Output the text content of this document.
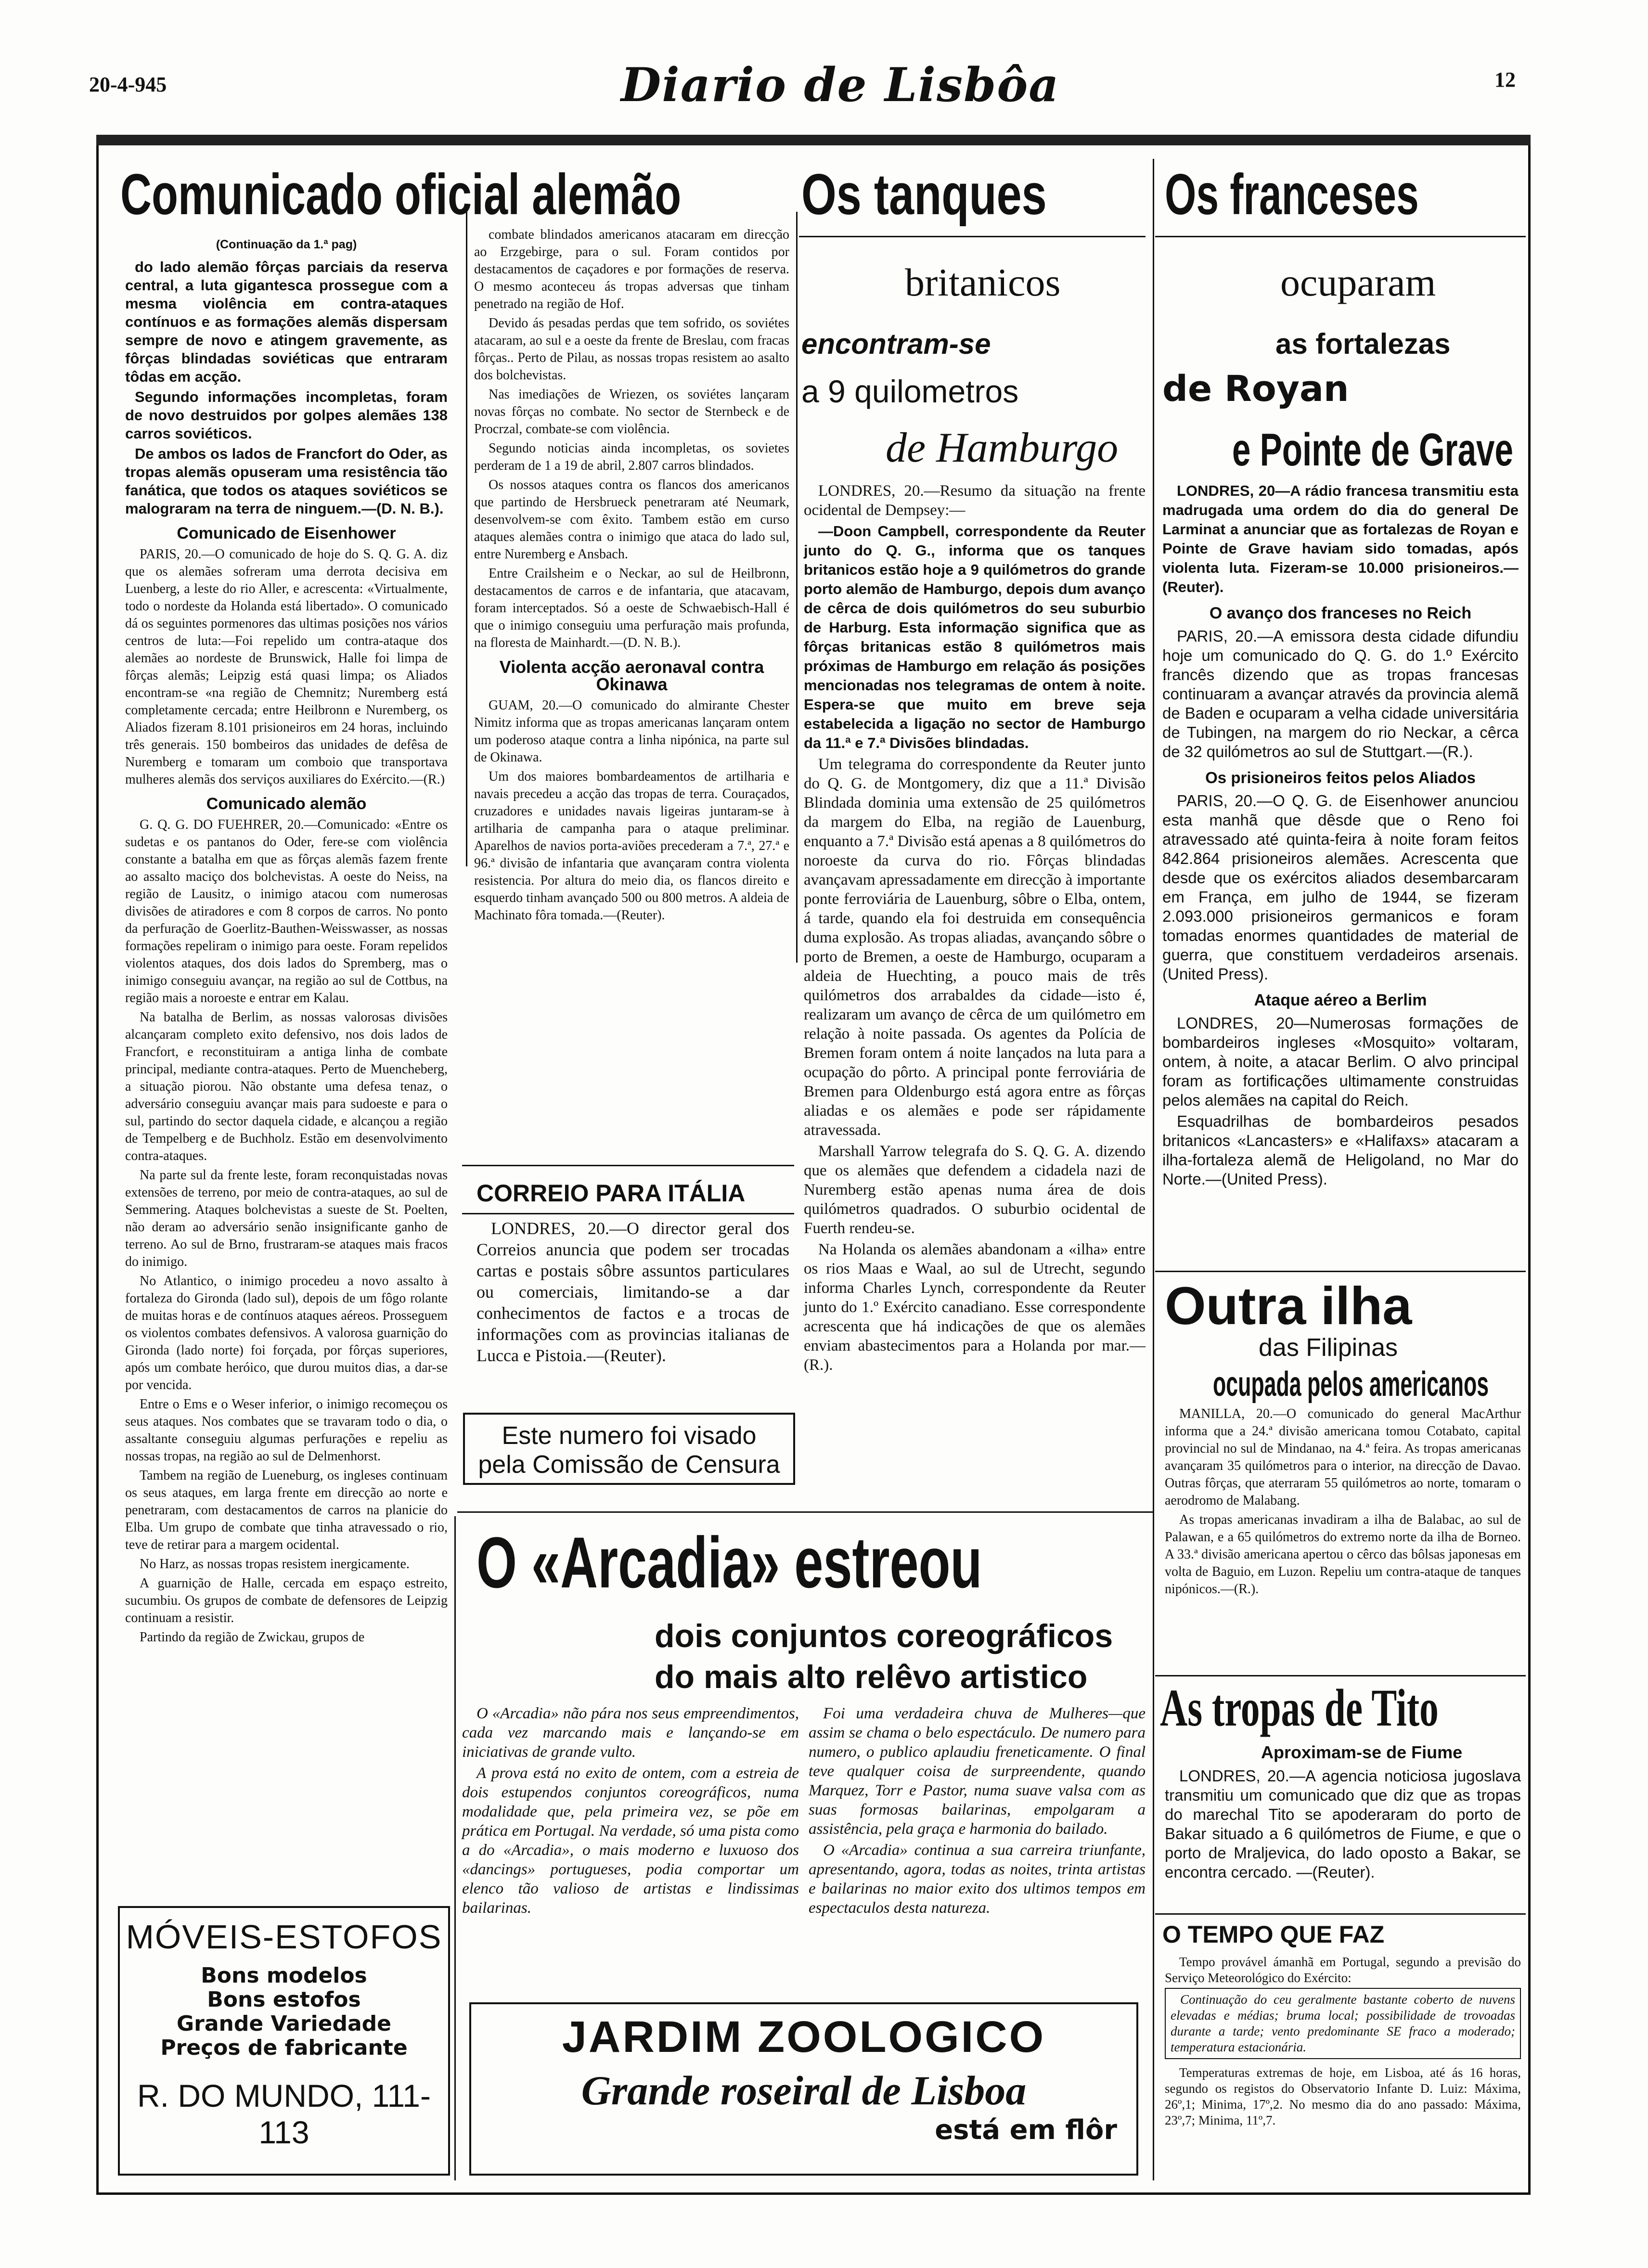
20-4-945	Diario de Lisbôa	12
Comunicado oficial alemão
(Continuação da 1.ª pag)

do lado alemão fôrças parciais da reserva central, a luta gigantesca prossegue com a mesma violência em contra-ataques contínuos e as formações alemãs dispersam sempre de novo e atingem gravemente, as fôrças blindadas soviéticas que entraram tôdas em acção.

Segundo informações incompletas, foram de novo destruidos por golpes alemães 138 carros soviéticos.

De ambos os lados de Francfort do Oder, as tropas alemãs opuseram uma resistência tão fanática, que todos os ataques soviéticos se malograram na terra de ninguem.—(D. N. B.).

Comunicado de Eisenhower

PARIS, 20.—O comunicado de hoje do S. Q. G. A. diz que os alemães sofreram uma derrota decisiva em Luenberg, a leste do rio Aller, e acrescenta: «Virtualmente, todo o nordeste da Holanda está libertado». O comunicado dá os seguintes pormenores das ultimas posições nos vários centros de luta:—Foi repelido um contra-ataque dos alemães ao nordeste de Brunswick, Halle foi limpa de fôrças alemãs; Leipzig está quasi limpa; os Aliados encontram-se «na região de Chemnitz; Nuremberg está completamente cercada; entre Heilbronn e Nuremberg, os Aliados fizeram 8.101 prisioneiros em 24 horas, incluindo três generais. 150 bombeiros das unidades de defêsa de Nuremberg e tomaram um comboio que transportava mulheres alemãs dos serviços auxiliares do Exército.—(R.)

Comunicado alemão

G. Q. G. DO FUEHRER, 20.—Comunicado: «Entre os sudetas e os pantanos do Oder, fere-se com violência constante a batalha em que as fôrças alemãs fazem frente ao assalto maciço dos bolchevistas. A oeste do Neiss, na região de Lausitz, o inimigo atacou com numerosas divisões de atiradores e com 8 corpos de carros. No ponto da perfuração de Goerlitz-Bauthen-Weisswasser, as nossas formações repeliram o inimigo para oeste. Foram repelidos violentos ataques, dos dois lados do Spremberg, mas o inimigo conseguiu avançar, na região ao sul de Cottbus, na região mais a noroeste e entrar em Kalau.

Na batalha de Berlim, as nossas valorosas divisões alcançaram completo exito defensivo, nos dois lados de Francfort, e reconstituiram a antiga linha de combate principal, mediante contra-ataques. Perto de Muencheberg, a situação piorou. Não obstante uma defesa tenaz, o adversário conseguiu avançar mais para sudoeste e para o sul, partindo do sector daquela cidade, e alcançou a região de Tempelberg e de Buchholz. Estão em desenvolvimento contra-ataques.

Na parte sul da frente leste, foram reconquistadas novas extensões de terreno, por meio de contra-ataques, ao sul de Semmering. Ataques bolchevistas a sueste de St. Poelten, não deram ao adversário senão insignificante ganho de terreno. Ao sul de Brno, frustraram-se ataques mais fracos do inimigo.

No Atlantico, o inimigo procedeu a novo assalto à fortaleza do Gironda (lado sul), depois de um fôgo rolante de muitas horas e de contínuos ataques aéreos. Prosseguem os violentos combates defensivos. A valorosa guarnição do Gironda (lado norte) foi forçada, por fôrças superiores, após um combate heróico, que durou muitos dias, a dar-se por vencida.

Entre o Ems e o Weser inferior, o inimigo recomeçou os seus ataques. Nos combates que se travaram todo o dia, o assaltante conseguiu algumas perfurações e repeliu as nossas tropas, na região ao sul de Delmenhorst.

Tambem na região de Lueneburg, os ingleses continuam os seus ataques, em larga frente em direcção ao norte e penetraram, com destacamentos de carros na planicie do Elba. Um grupo de combate que tinha atravessado o rio, teve de retirar para a margem ocidental.

No Harz, as nossas tropas resistem inergicamente.

A guarnição de Halle, cercada em espaço estreito, sucumbiu. Os grupos de combate de defensores de Leipzig continuam a resistir.

Partindo da região de Zwickau, grupos de

combate blindados americanos atacaram em direcção ao Erzgebirge, para o sul. Foram contidos por destacamentos de caçadores e por formações de reserva. O mesmo aconteceu ás tropas adversas que tinham penetrado na região de Hof.

Devido ás pesadas perdas que tem sofrido, os soviétes atacaram, ao sul e a oeste da frente de Breslau, com fracas fôrças.. Perto de Pilau, as nossas tropas resistem ao asalto dos bolchevistas.

Nas imediações de Wriezen, os soviétes lançaram novas fôrças no combate. No sector de Sternbeck e de Procrzal, combate-se com violência.

Segundo noticias ainda incompletas, os sovietes perderam de 1 a 19 de abril, 2.807 carros blindados.

Os nossos ataques contra os flancos dos americanos que partindo de Hersbrueck penetraram até Neumark, desenvolvem-se com êxito. Tambem estão em curso ataques alemães contra o inimigo que ataca do lado sul, entre Nuremberg e Ansbach.

Entre Crailsheim e o Neckar, ao sul de Heilbronn, destacamentos de carros e de infantaria, que atacavam, foram interceptados. Só a oeste de Schwaebisch-Hall é que o inimigo conseguiu uma perfuração mais profunda, na floresta de Mainhardt.—(D. N. B.).

Violenta acção aeronaval contra Okinawa

GUAM, 20.—O comunicado do almirante Chester Nimitz informa que as tropas americanas lançaram ontem um poderoso ataque contra a linha nipónica, na parte sul de Okinawa.

Um dos maiores bombardeamentos de artilharia e navais precedeu a acção das tropas de terra. Couraçados, cruzadores e unidades navais ligeiras juntaram-se à artilharia de campanha para o ataque preliminar. Aparelhos de navios porta-aviões precederam a 7.ª, 27.ª e 96.ª divisão de infantaria que avançaram contra violenta resistencia. Por altura do meio dia, os flancos direito e esquerdo tinham avançado 500 ou 800 metros. A aldeia de Machinato fôra tomada.—(Reuter).

CORREIO PARA ITÁLIA

LONDRES, 20.—O director geral dos Correios anuncia que podem ser trocadas cartas e postais sôbre assuntos particulares ou comerciais, limitando-se a dar conhecimentos de factos e a trocas de informações com as provincias italianas de Lucca e Pistoia.—(Reuter).

Este numero foi visado
pela Comissão de Censura
Os tanques
britanicos
encontram-se
a 9 quilometros
de Hamburgo

LONDRES, 20.—Resumo da situação na frente ocidental de Dempsey:—

—Doon Campbell, correspondente da Reuter junto do Q. G., informa que os tanques britanicos estão hoje a 9 quilómetros do grande porto alemão de Hamburgo, depois dum avanço de cêrca de dois quilómetros do seu suburbio de Harburg. Esta informação significa que as fôrças britanicas estão 8 quilómetros mais próximas de Hamburgo em relação ás posições mencionadas nos telegramas de ontem à noite. Espera-se que muito em breve seja estabelecida a ligação no sector de Hamburgo da 11.ª e 7.ª Divisões blindadas.

Um telegrama do correspondente da Reuter junto do Q. G. de Montgomery, diz que a 11.ª Divisão Blindada dominia uma extensão de 25 quilómetros da margem do Elba, na região de Lauenburg, enquanto a 7.ª Divisão está apenas a 8 quilómetros do noroeste da curva do rio. Fôrças blindadas avançavam apressadamente em direcção à importante ponte ferroviária de Lauenburg, sôbre o Elba, ontem, á tarde, quando ela foi destruida em consequência duma explosão. As tropas aliadas, avançando sôbre o porto de Bremen, a oeste de Hamburgo, ocuparam a aldeia de Huechting, a pouco mais de três quilómetros dos arrabaldes da cidade—isto é, realizaram um avanço de cêrca de um quilómetro em relação à noite passada. Os agentes da Polícia de Bremen foram ontem á noite lançados na luta para a ocupação do pôrto. A principal ponte ferroviária de Bremen para Oldenburgo está agora entre as fôrças aliadas e os alemães e pode ser rápidamente atravessada.

Marshall Yarrow telegrafa do S. Q. G. A. dizendo que os alemães que defendem a cidadela nazi de Nuremberg estão apenas numa área de dois quilómetros quadrados. O suburbio ocidental de Fuerth rendeu-se.

Na Holanda os alemães abandonam a «ilha» entre os rios Maas e Waal, ao sul de Utrecht, segundo informa Charles Lynch, correspondente da Reuter junto do 1.º Exército canadiano. Esse correspondente acrescenta que há indicações de que os alemães enviam abastecimentos para a Holanda por mar.—(R.).

Os franceses
ocuparam
as fortalezas
de Royan
e Pointe de Grave

LONDRES, 20—A rádio francesa transmitiu esta madrugada uma ordem do dia do general De Larminat a anunciar que as fortalezas de Royan e Pointe de Grave haviam sido tomadas, após violenta luta. Fizeram-se 10.000 prisioneiros.—(Reuter).

O avanço dos franceses no Reich

PARIS, 20.—A emissora desta cidade difundiu hoje um comunicado do Q. G. do 1.º Exército francês dizendo que as tropas francesas continuaram a avançar através da provincia alemã de Baden e ocuparam a velha cidade universitária de Tubingen, na margem do rio Neckar, a cêrca de 32 quilómetros ao sul de Stuttgart.—(R.).

Os prisioneiros feitos pelos Aliados

PARIS, 20.—O Q. G. de Eisenhower anunciou esta manhã que dêsde que o Reno foi atravessado até quinta-feira à noite foram feitos 842.864 prisioneiros alemães. Acrescenta que desde que os exércitos aliados desembarcaram em França, em julho de 1944, se fizeram 2.093.000 prisioneiros germanicos e foram tomadas enormes quantidades de material de guerra, que constituem verdadeiros arsenais. (United Press).

Ataque aéreo a Berlim

LONDRES, 20—Numerosas formações de bombardeiros ingleses «Mosquito» voltaram, ontem, à noite, a atacar Berlim. O alvo principal foram as fortificações ultimamente construidas pelos alemães na capital do Reich.

Esquadrilhas de bombardeiros pesados britanicos «Lancasters» e «Halifaxs» atacaram a ilha-fortaleza alemã de Heligoland, no Mar do Norte.—(United Press).

Outra ilha
das Filipinas
ocupada pelos americanos

MANILLA, 20.—O comunicado do general MacArthur informa que a 24.ª divisão americana tomou Cotabato, capital provincial no sul de Mindanao, na 4.ª feira. As tropas americanas avançaram 35 quilómetros para o interior, na direcção de Davao. Outras fôrças, que aterraram 55 quilómetros ao norte, tomaram o aerodromo de Malabang.

As tropas americanas invadiram a ilha de Balabac, ao sul de Palawan, e a 65 quilómetros do extremo norte da ilha de Borneo. A 33.ª divisão americana apertou o cêrco das bôlsas japonesas em volta de Baguio, em Luzon. Repeliu um contra-ataque de tanques nipónicos.—(R.).

As tropas de Tito
Aproximam-se de Fiume

LONDRES, 20.—A agencia noticiosa jugoslava transmitiu um comunicado que diz que as tropas do marechal Tito se apoderaram do porto de Bakar situado a 6 quilómetros de Fiume, e que o porto de Mraljevica, do lado oposto a Bakar, se encontra cercado. —(Reuter).

O TEMPO QUE FAZ

Tempo provável ámanhã em Portugal, segundo a previsão do Serviço Meteorológico do Exército:

Continuação do ceu geralmente bastante coberto de nuvens elevadas e médias; bruma local; possibilidade de trovoadas durante a tarde; vento predominante SE fraco a moderado; temperatura estacionária.

Temperaturas extremas de hoje, em Lisboa, até ás 16 horas, segundo os registos do Observatorio Infante D. Luiz: Máxima, 26º,1; Minima, 17º,2. No mesmo dia do ano passado: Máxima, 23º,7; Minima, 11º,7.

O «Arcadia» estreou
dois conjuntos coreográficos
do mais alto relêvo artistico

O «Arcadia» não pára nos seus empreendimentos, cada vez marcando mais e lançando-se em iniciativas de grande vulto.

A prova está no exito de ontem, com a estreia de dois estupendos conjuntos coreográficos, numa modalidade que, pela primeira vez, se põe em prática em Portugal. Na verdade, só uma pista como a do «Arcadia», o mais moderno e luxuoso dos «dancings» portugueses, podia comportar um elenco tão valioso de artistas e lindissimas bailarinas.

Foi uma verdadeira chuva de Mulheres—que assim se chama o belo espectáculo. De numero para numero, o publico aplaudiu freneticamente. O final teve qualquer coisa de surpreendente, quando Marquez, Torr e Pastor, numa suave valsa com as suas formosas bailarinas, empolgaram a assistência, pela graça e harmonia do bailado.

O «Arcadia» continua a sua carreira triunfante, apresentando, agora, todas as noites, trinta artistas e bailarinas no maior exito dos ultimos tempos em espectaculos desta natureza.

MÓVEIS-ESTOFOS
Bons modelos
Bons estofos
Grande Variedade
Preços de fabricante
R. DO MUNDO, 111-113
JARDIM ZOOLOGICO
Grande roseiral de Lisboa
está em flôr
